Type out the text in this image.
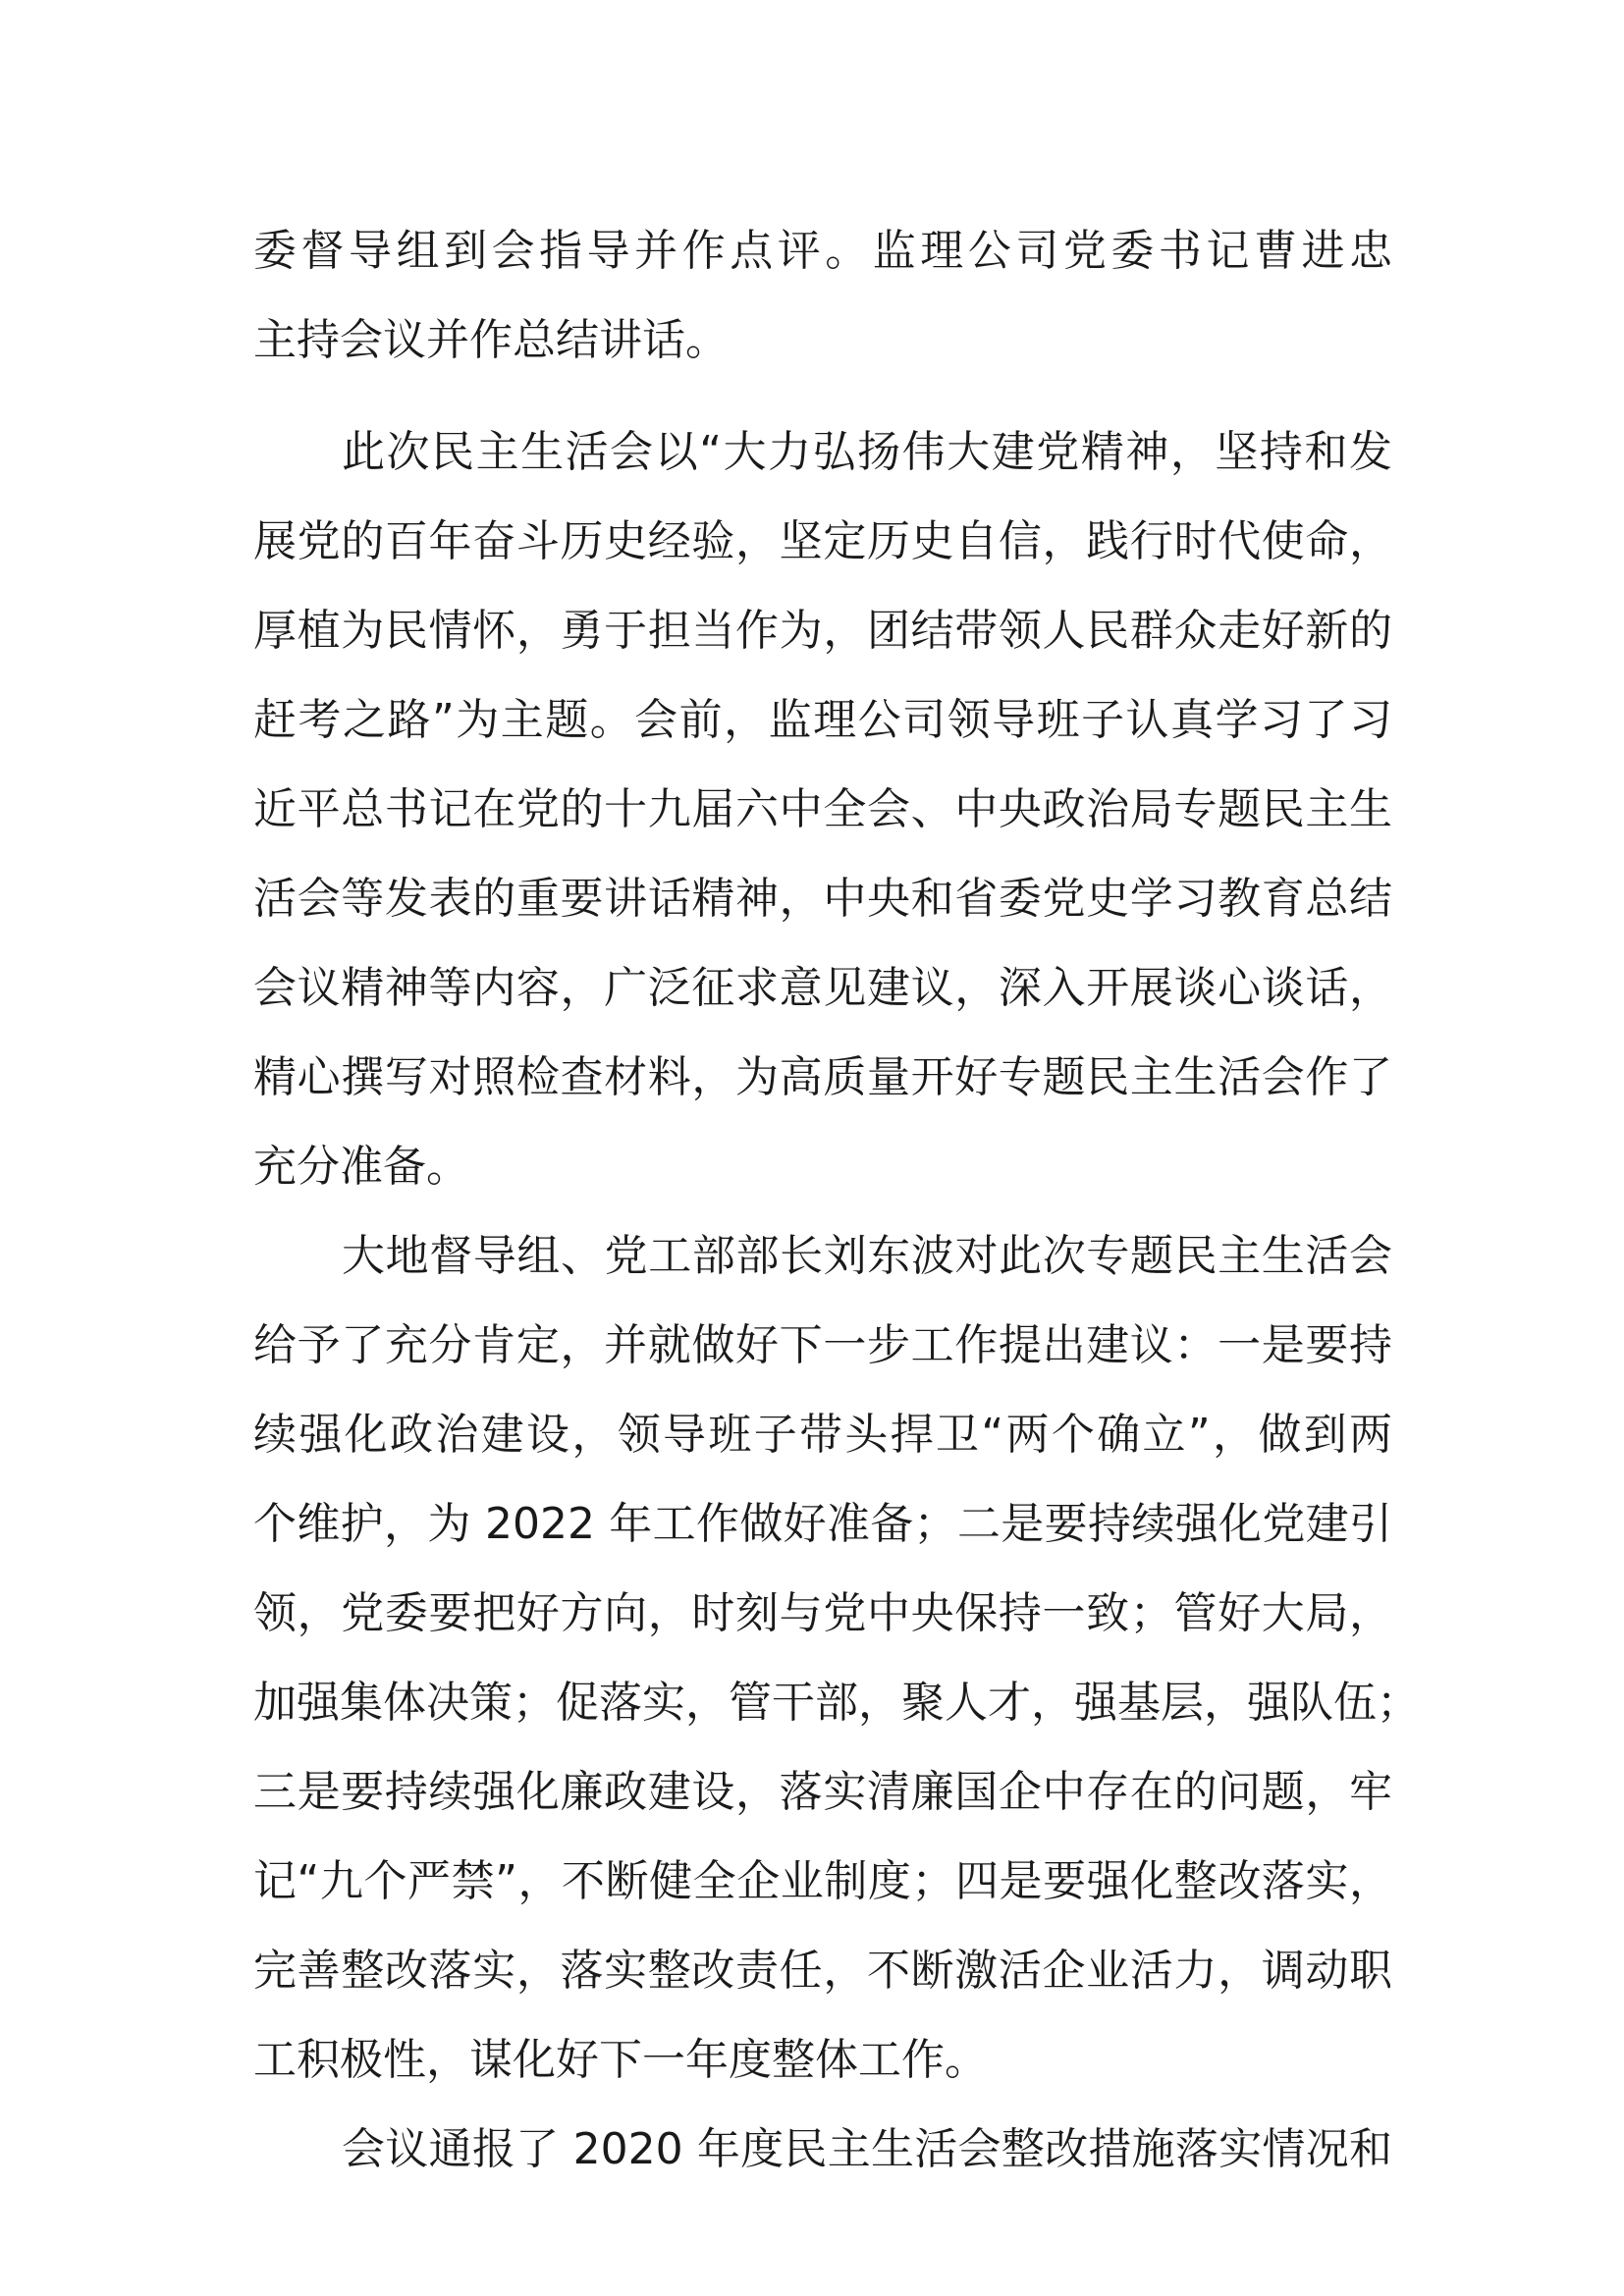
委督导组到会指导并作点评。监理公司党委书记曹进忠
主持会议并作总结讲话。
此次民主生活会以“大力弘扬伟大建党精神，坚持和发
展党的百年奋斗历史经验，坚定历史自信，践行时代使命，
厚植为民情怀，勇于担当作为，团结带领人民群众走好新的
赶考之路”为主题。会前，监理公司领导班子认真学习了习
近平总书记在党的十九届六中全会、中央政治局专题民主生
活会等发表的重要讲话精神，中央和省委党史学习教育总结
会议精神等内容，广泛征求意见建议，深入开展谈心谈话，
精心撰写对照检查材料，为高质量开好专题民主生活会作了
充分准备。
大地督导组、党工部部长刘东波对此次专题民主生活会
给予了充分肯定，并就做好下一步工作提出建议：一是要持
续强化政治建设，领导班子带头捍卫“两个确立”，做到两
个维护，为 2022 年工作做好准备；二是要持续强化党建引
领，党委要把好方向，时刻与党中央保持一致；管好大局，
加强集体决策；促落实，管干部，聚人才，强基层，强队伍；
三是要持续强化廉政建设，落实清廉国企中存在的问题，牢
记“九个严禁”，不断健全企业制度；四是要强化整改落实，
完善整改落实，落实整改责任，不断激活企业活力，调动职
工积极性，谋化好下一年度整体工作。
会议通报了 2020 年度民主生活会整改措施落实情况和
